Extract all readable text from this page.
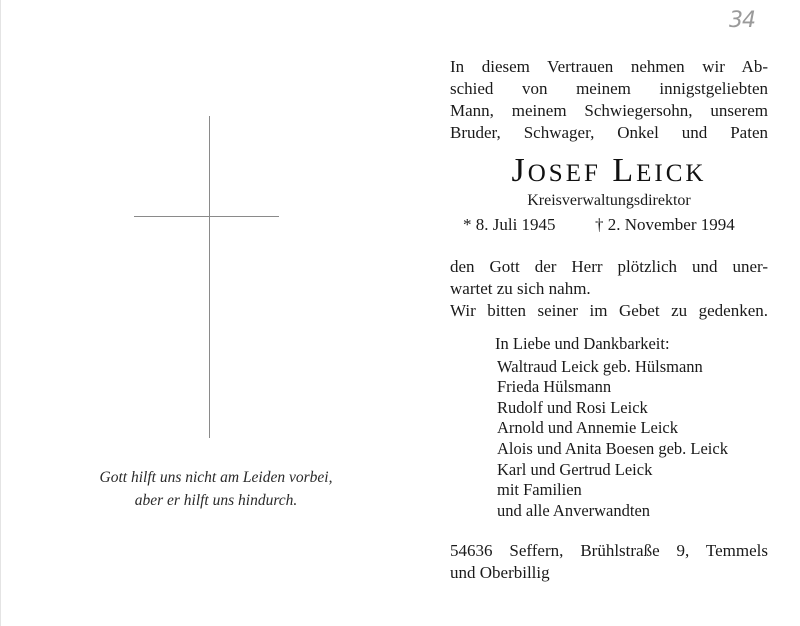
34
Gott hilft uns nicht am Leiden vorbei,
aber er hilft uns hindurch.
In diesem Vertrauen nehmen wir Ab-
schied von meinem innigstgeliebten
Mann, meinem Schwiegersohn, unserem
Bruder, Schwager, Onkel und Paten
JOSEF LEICK
Kreisverwaltungsdirektor
* 8. Juli 1945 † 2. November 1994
den Gott der Herr plötzlich und uner-
wartet zu sich nahm.
Wir bitten seiner im Gebet zu gedenken.
In Liebe und Dankbarkeit:
Waltraud Leick geb. Hülsmann
Frieda Hülsmann
Rudolf und Rosi Leick
Arnold und Annemie Leick
Alois und Anita Boesen geb. Leick
Karl und Gertrud Leick
mit Familien
und alle Anverwandten
54636 Seffern, Brühlstraße 9, Temmels
und Oberbillig
